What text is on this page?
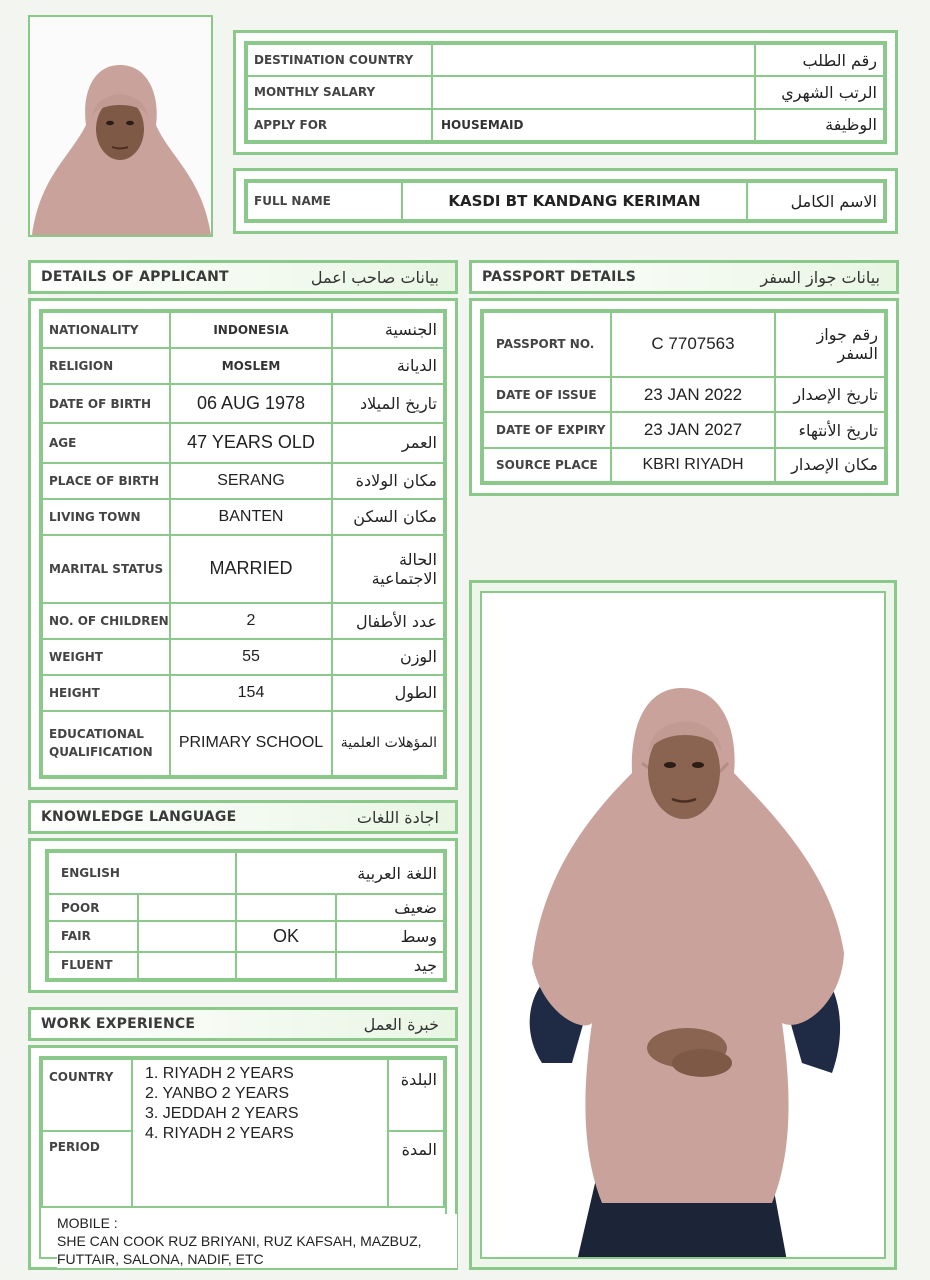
DESTINATION COUNTRY		رقم الطلب
MONTHLY SALARY		الرتب الشهري
APPLY FOR	HOUSEMAID	الوظيفة
FULL NAME	KASDI BT KANDANG KERIMAN	الاسم الكامل
DETAILS OF APPLICANT	بيانات صاحب اعمل
NATIONALITY	INDONESIA	الجنسية
RELIGION	MOSLEM	الديانة
DATE OF BIRTH	06 AUG 1978	تاريخ الميلاد
AGE	47 YEARS OLD	العمر
PLACE OF BIRTH	SERANG	مكان الولادة
LIVING TOWN	BANTEN	مكان السكن
MARITAL STATUS	MARRIED	الحالة الاجتماعية
NO. OF CHILDREN	2	عدد الأطفال
WEIGHT	55	الوزن
HEIGHT	154	الطول
EDUCATIONAL QUALIFICATION	PRIMARY SCHOOL	المؤهلات العلمية
PASSPORT DETAILS	بيانات جواز السفر
PASSPORT NO.	C 7707563	رقم جواز السفر
DATE OF ISSUE	23 JAN 2022	تاريخ الإصدار
DATE OF EXPIRY	23 JAN 2027	تاريخ الأنتهاء
SOURCE PLACE	KBRI RIYADH	مكان الإصدار
KNOWLEDGE LANGUAGE	اجادة اللغات
ENGLISH		اللغة العربية	
POOR			ضعيف
FAIR		OK	وسط
FLUENT			جيد
WORK EXPERIENCE	خبرة العمل
COUNTRY	1. RIYADH 2 YEARS
2. YANBO 2 YEARS
3. JEDDAH 2 YEARS
4. RIYADH 2 YEARS	البلدة
PERIOD		المدة
MOBILE :
SHE CAN COOK RUZ BRIYANI, RUZ KAFSAH, MAZBUZ,
FUTTAIR, SALONA, NADIF, ETC
